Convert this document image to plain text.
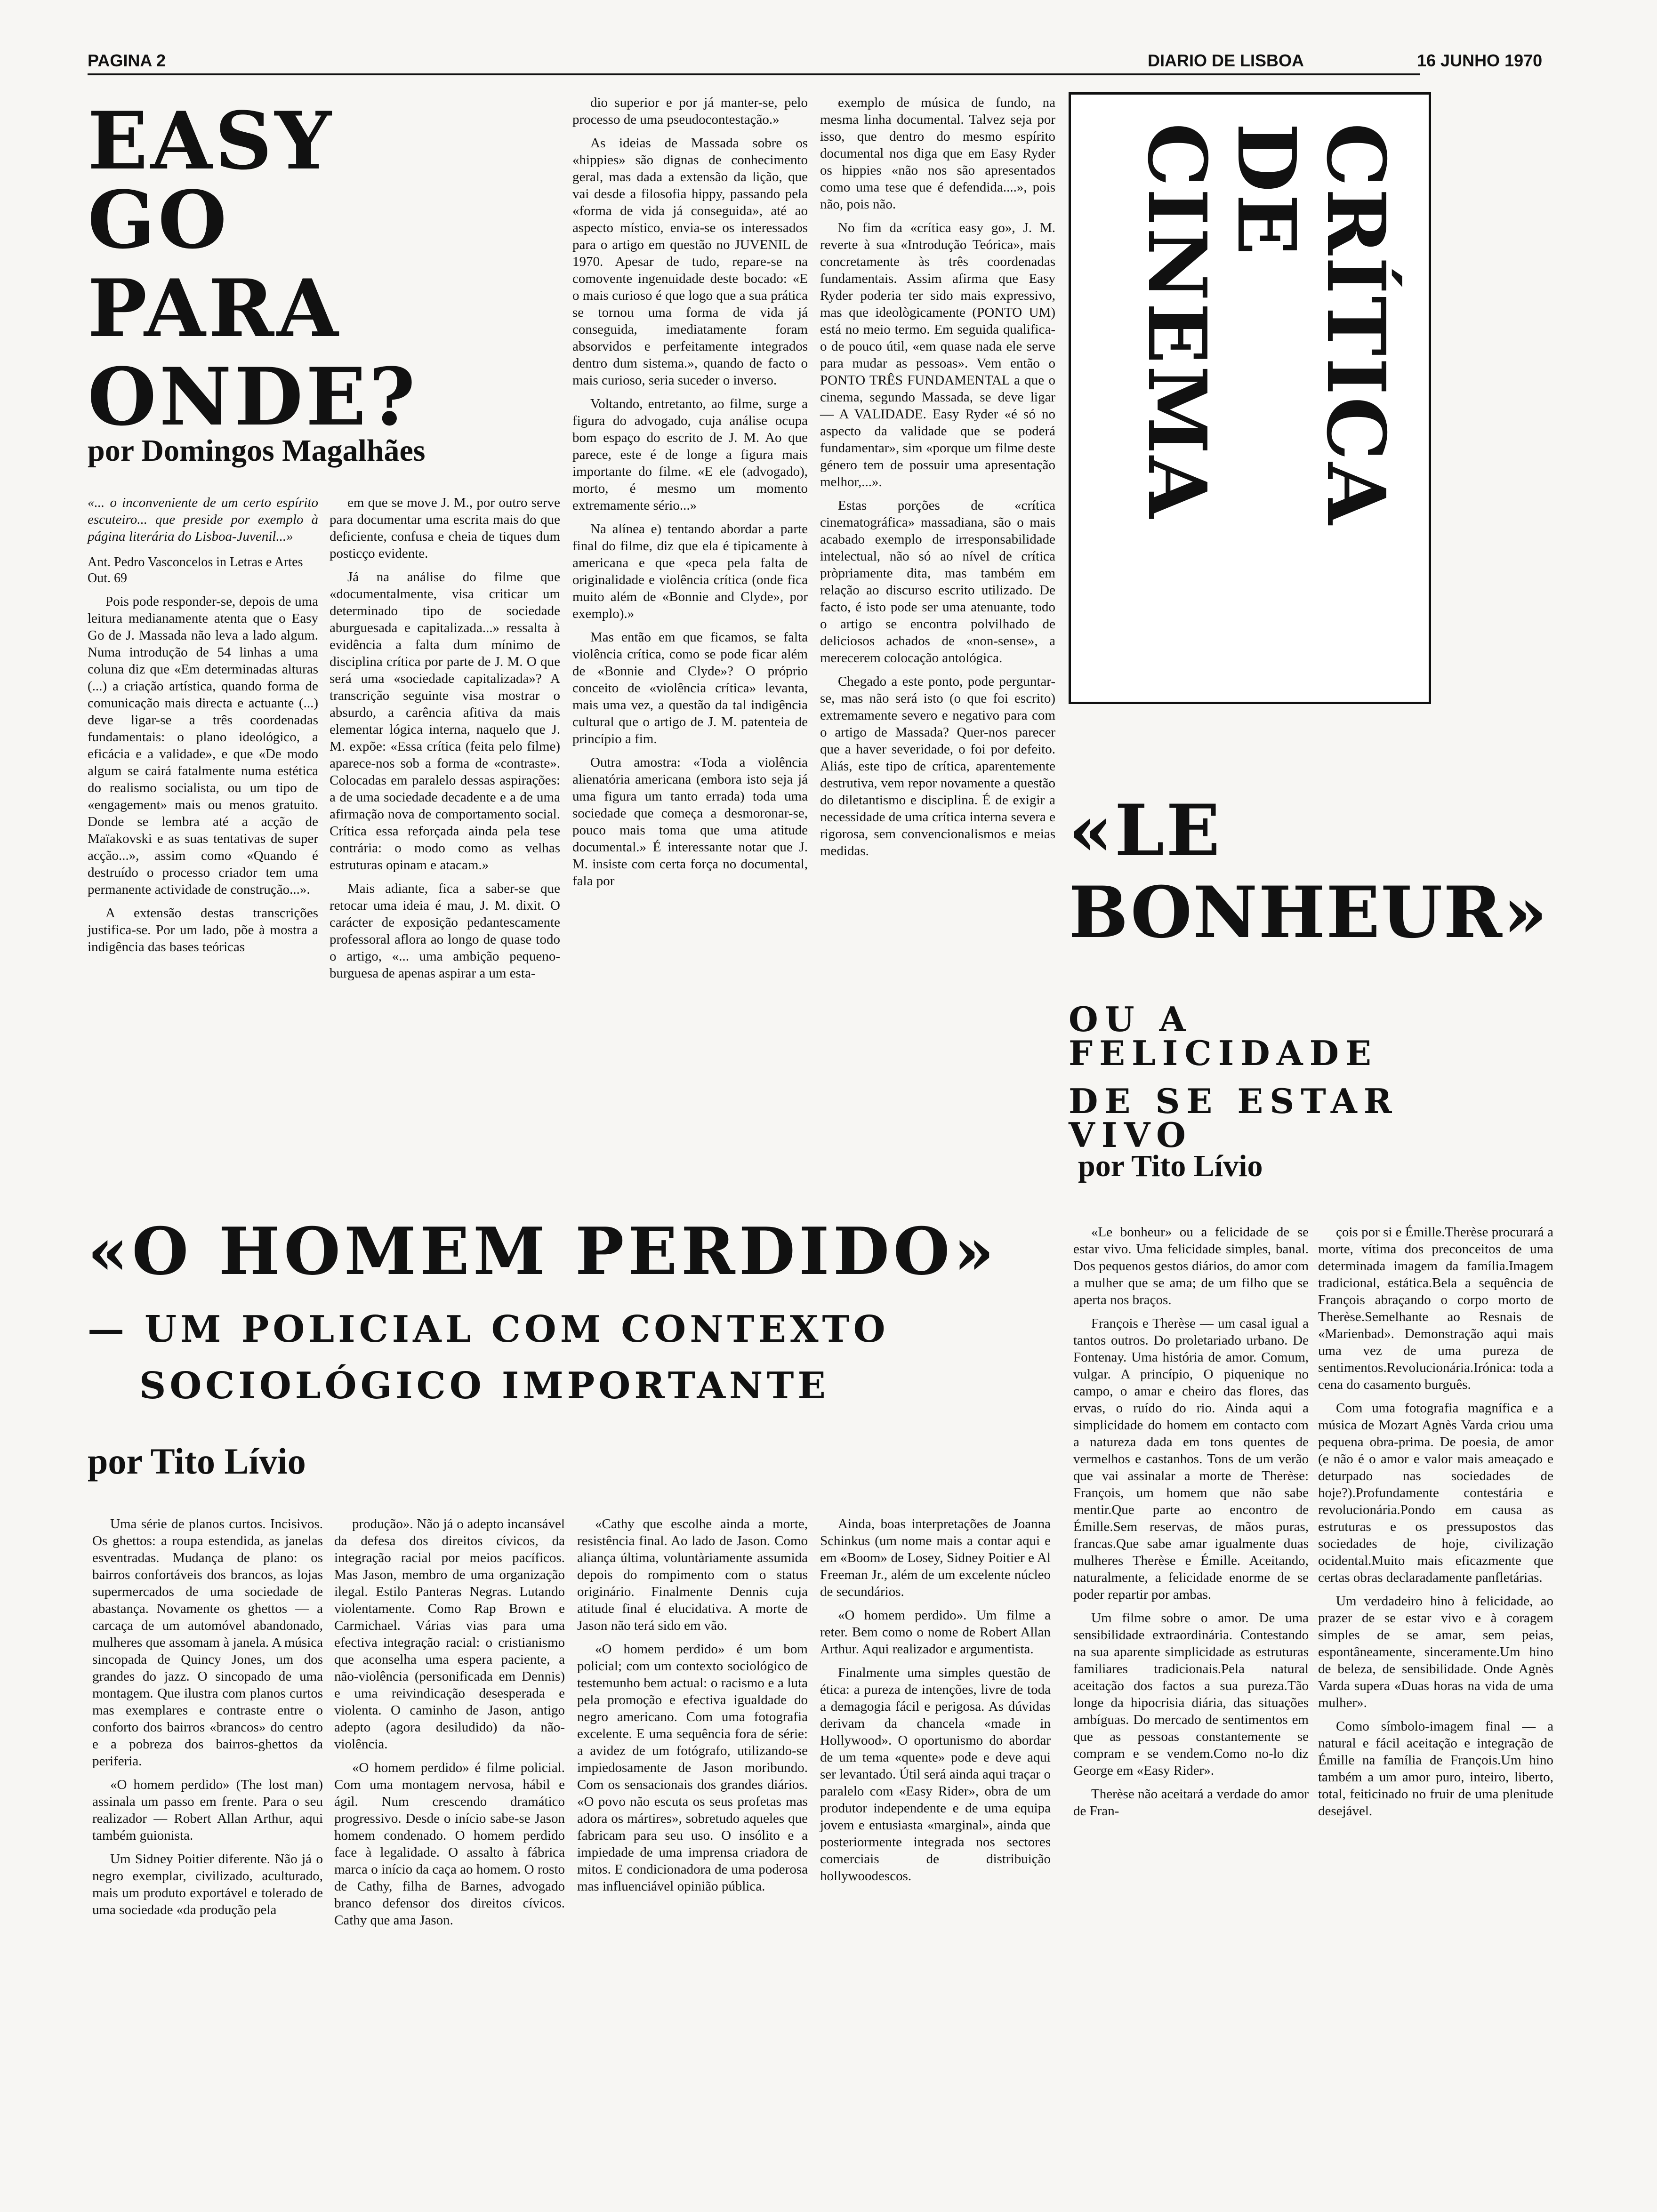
PAGINA 2	DIARIO DE LISBOA	16 JUNHO 1970
EASY GO
PARA
ONDE?
por Domingos Magalhães

«... o inconveniente de um certo espírito escuteiro... que preside por exemplo à página literária do Lisboa-Juvenil...»

Ant. Pedro Vasconcelos in Letras e Artes Out. 69

Pois pode responder-se, depois de uma leitura medianamente atenta que o Easy Go de J. Massada não leva a lado algum. Numa introdução de 54 linhas a uma coluna diz que «Em determinadas alturas (...) a criação artística, quando forma de comunicação mais directa e actuante (...) deve ligar-se a três coordenadas fundamentais: o plano ideológico, a eficácia e a validade», e que «De modo algum se cairá fatalmente numa estética do realismo socialista, ou um tipo de «engagement» mais ou menos gratuito. Donde se lembra até a acção de Maïakovski e as suas tentativas de super acção...», assim como «Quando é destruído o processo criador tem uma permanente actividade de construção...».

A extensão destas transcrições justifica-se. Por um lado, põe à mostra a indigência das bases teóricas

em que se move J. M., por outro serve para documentar uma escrita mais do que deficiente, confusa e cheia de tiques dum posticço evidente.

Já na análise do filme que «documentalmente, visa criticar um determinado tipo de sociedade aburguesada e capitalizada...» ressalta à evidência a falta dum mínimo de disciplina crítica por parte de J. M. O que será uma «sociedade capitalizada»? A transcrição seguinte visa mostrar o absurdo, a carência afitiva da mais elementar lógica interna, naquelo que J. M. expõe: «Essa crítica (feita pelo filme) aparece-nos sob a forma de «contraste». Colocadas em paralelo dessas aspirações: a de uma sociedade decadente e a de uma afirmação nova de comportamento social. Crítica essa reforçada ainda pela tese contrária: o modo como as velhas estruturas opinam e atacam.»

Mais adiante, fica a saber-se que retocar uma ideia é mau, J. M. dixit. O carácter de exposição pedantescamente professoral aflora ao longo de quase todo o artigo, «... uma ambição pequeno-burguesa de apenas aspirar a um esta-

dio superior e por já manter-se, pelo processo de uma pseudocontestação.»

As ideias de Massada sobre os «hippies» são dignas de conhecimento geral, mas dada a extensão da lição, que vai desde a filosofia hippy, passando pela «forma de vida já conseguida», até ao aspecto místico, envia-se os interessados para o artigo em questão no JUVENIL de 1970. Apesar de tudo, repare-se na comovente ingenuidade deste bocado: «E o mais curioso é que logo que a sua prática se tornou uma forma de vida já conseguida, imediatamente foram absorvidos e perfeitamente integrados dentro dum sistema.», quando de facto o mais curioso, seria suceder o inverso.

Voltando, entretanto, ao filme, surge a figura do advogado, cuja análise ocupa bom espaço do escrito de J. M. Ao que parece, este é de longe a figura mais importante do filme. «E ele (advogado), morto, é mesmo um momento extremamente sério...»

Na alínea e) tentando abordar a parte final do filme, diz que ela é tipicamente à americana e que «peca pela falta de originalidade e violência crítica (onde fica muito além de «Bonnie and Clyde», por exemplo).»

Mas então em que ficamos, se falta violência crítica, como se pode ficar além de «Bonnie and Clyde»? O próprio conceito de «violência crítica» levanta, mais uma vez, a questão da tal indigência cultural que o artigo de J. M. patenteia de princípio a fim.

Outra amostra: «Toda a violência alienatória americana (embora isto seja já uma figura um tanto errada) toda uma sociedade que começa a desmoronar-se, pouco mais toma que uma atitude documental.» É interessante notar que J. M. insiste com certa força no documental, fala por

exemplo de música de fundo, na mesma linha documental. Talvez seja por isso, que dentro do mesmo espírito documental nos diga que em Easy Ryder os hippies «não nos são apresentados como uma tese que é defendida....», pois não, pois não.

No fim da «crítica easy go», J. M. reverte à sua «Introdução Teórica», mais concretamente às três coordenadas fundamentais. Assim afirma que Easy Ryder poderia ter sido mais expressivo, mas que ideològicamente (PONTO UM) está no meio termo. Em seguida qualifica-o de pouco útil, «em quase nada ele serve para mudar as pessoas». Vem então o PONTO TRÊS FUNDAMENTAL a que o cinema, segundo Massada, se deve ligar — A VALIDADE. Easy Ryder «é só no aspecto da validade que se poderá fundamentar», sim «porque um filme deste género tem de possuir uma apresentação melhor,...».

Estas porções de «crítica cinematográfica» massadiana, são o mais acabado exemplo de irresponsabilidade intelectual, não só ao nível de crítica pròpriamente dita, mas também em relação ao discurso escrito utilizado. De facto, é isto pode ser uma atenuante, todo o artigo se encontra polvilhado de deliciosos achados de «non-sense», a merecerem colocação antológica.

Chegado a este ponto, pode perguntar-se, mas não será isto (o que foi escrito) extremamente severo e negativo para com o artigo de Massada? Quer-nos parecer que a haver severidade, o foi por defeito. Aliás, este tipo de crítica, aparentemente destrutiva, vem repor novamente a questão do diletantismo e disciplina. É de exigir a necessidade de uma crítica interna severa e rigorosa, sem convencionalismos e meias medidas.

CRÍTICA
DE
CINEMA
«LE
BONHEUR»
OU A FELICIDADE
DE SE ESTAR VIVO
por Tito Lívio
«O HOMEM PERDIDO»
— UM POLICIAL COM CONTEXTO
SOCIOLÓGICO IMPORTANTE
por Tito Lívio

Uma série de planos curtos. Incisivos. Os ghettos: a roupa estendida, as janelas esventradas. Mudança de plano: os bairros confortáveis dos brancos, as lojas supermercados de uma sociedade de abastança. Novamente os ghettos — a carcaça de um automóvel abandonado, mulheres que assomam à janela. A música sincopada de Quincy Jones, um dos grandes do jazz. O sincopado de uma montagem. Que ilustra com planos curtos mas exemplares e contraste entre o conforto dos bairros «brancos» do centro e a pobreza dos bairros-ghettos da periferia.

«O homem perdido» (The lost man) assinala um passo em frente. Para o seu realizador — Robert Allan Arthur, aqui também guionista.

Um Sidney Poitier diferente. Não já o negro exemplar, civilizado, aculturado, mais um produto exportável e tolerado de uma sociedade «da produção pela

produção». Não já o adepto incansável da defesa dos direitos cívicos, da integração racial por meios pacíficos. Mas Jason, membro de uma organização ilegal. Estilo Panteras Negras. Lutando violentamente. Como Rap Brown e Carmichael. Várias vias para uma efectiva integração racial: o cristianismo que aconselha uma espera paciente, a não-violência (personificada em Dennis) e uma reivindicação desesperada e violenta. O caminho de Jason, antigo adepto (agora desiludido) da não-violência.

«O homem perdido» é filme policial. Com uma montagem nervosa, hábil e ágil. Num crescendo dramático progressivo. Desde o início sabe-se Jason homem condenado. O homem perdido face à legalidade. O assalto à fábrica marca o início da caça ao homem. O rosto de Cathy, filha de Barnes, advogado branco defensor dos direitos cívicos. Cathy que ama Jason.

«Cathy que escolhe ainda a morte, resistência final. Ao lado de Jason. Como aliança última, voluntàriamente assumida depois do rompimento com o status originário. Finalmente Dennis cuja atitude final é elucidativa. A morte de Jason não terá sido em vão.

«O homem perdido» é um bom policial; com um contexto sociológico de testemunho bem actual: o racismo e a luta pela promoção e efectiva igualdade do negro americano. Com uma fotografia excelente. E uma sequência fora de série: a avidez de um fotógrafo, utilizando-se impiedosamente de Jason moribundo. Com os sensacionais dos grandes diários. «O povo não escuta os seus profetas mas adora os mártires», sobretudo aqueles que fabricam para seu uso. O insólito e a impiedade de uma imprensa criadora de mitos. E condicionadora de uma poderosa mas influenciável opinião pública.

Ainda, boas interpretações de Joanna Schinkus (um nome mais a contar aqui e em «Boom» de Losey, Sidney Poitier e Al Freeman Jr., além de um excelente núcleo de secundários.

«O homem perdido». Um filme a reter. Bem como o nome de Robert Allan Arthur. Aqui realizador e argumentista.

Finalmente uma simples questão de ética: a pureza de intenções, livre de toda a demagogia fácil e perigosa. As dúvidas derivam da chancela «made in Hollywood». O oportunismo do abordar de um tema «quente» pode e deve aqui ser levantado. Útil será ainda aqui traçar o paralelo com «Easy Rider», obra de um produtor independente e de uma equipa jovem e entusiasta «marginal», ainda que posteriormente integrada nos sectores comerciais de distribuição hollywoodescos.

«Le bonheur» ou a felicidade de se estar vivo. Uma felicidade simples, banal. Dos pequenos gestos diários, do amor com a mulher que se ama; de um filho que se aperta nos braços.

François e Therèse — um casal igual a tantos outros. Do proletariado urbano. De Fontenay. Uma história de amor. Comum, vulgar. A princípio, O piquenique no campo, o amar e cheiro das flores, das ervas, o ruído do rio. Ainda aqui a simplicidade do homem em contacto com a natureza dada em tons quentes de vermelhos e castanhos. Tons de um verão que vai assinalar a morte de Therèse: François, um homem que não sabe mentir.Que parte ao encontro de Émille.Sem reservas, de mãos puras, francas.Que sabe amar igualmente duas mulheres Therèse e Émille. Aceitando, naturalmente, a felicidade enorme de se poder repartir por ambas.

Um filme sobre o amor. De uma sensibilidade extraordinária. Contestando na sua aparente simplicidade as estruturas familiares tradicionais.Pela natural aceitação dos factos a sua pureza.Tão longe da hipocrisia diária, das situações ambíguas. Do mercado de sentimentos em que as pessoas constantemente se compram e se vendem.Como no-lo diz George em «Easy Rider».

Therèse não aceitará a verdade do amor de Fran-

çois por si e Émille.Therèse procurará a morte, vítima dos preconceitos de uma determinada imagem da família.Imagem tradicional, estática.Bela a sequência de François abraçando o corpo morto de Therèse.Semelhante ao Resnais de «Marienbad». Demonstração aqui mais uma vez de uma pureza de sentimentos.Revolucionária.Irónica: toda a cena do casamento burguês.

Com uma fotografia magnífica e a música de Mozart Agnès Varda criou uma pequena obra-prima. De poesia, de amor (e não é o amor e valor mais ameaçado e deturpado nas sociedades de hoje?).Profundamente contestária e revolucionária.Pondo em causa as estruturas e os pressupostos das sociedades de hoje, civilização ocidental.Muito mais eficazmente que certas obras declaradamente panfletárias.

Um verdadeiro hino à felicidade, ao prazer de se estar vivo e à coragem simples de se amar, sem peias, espontâneamente, sinceramente.Um hino de beleza, de sensibilidade. Onde Agnès Varda supera «Duas horas na vida de uma mulher».

Como símbolo-imagem final — a natural e fácil aceitação e integração de Émille na família de François.Um hino também a um amor puro, inteiro, liberto, total, feiticinado no fruir de uma plenitude desejável.
